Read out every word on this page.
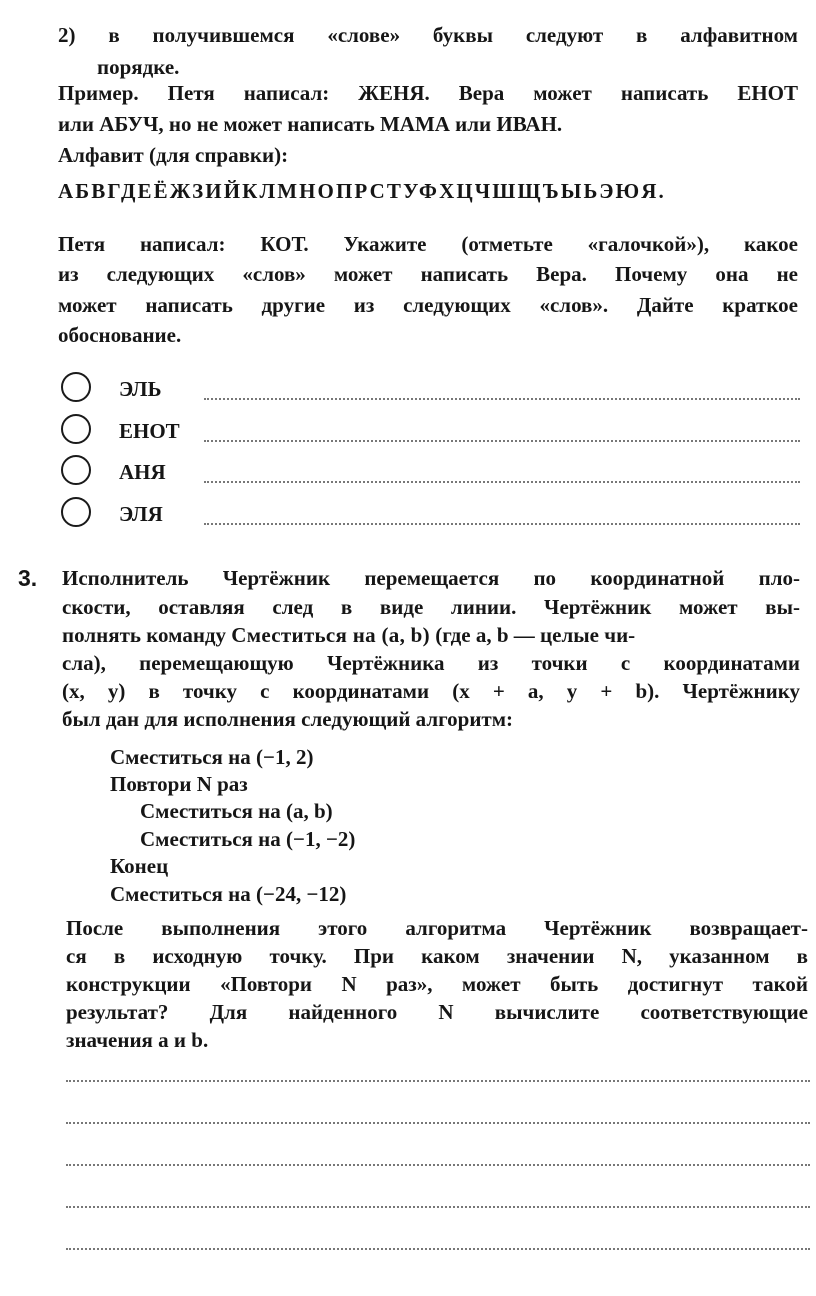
2) в получившемся «слове» буквы следуют в алфавитном
порядке.
Пример. Петя написал: ЖЕНЯ. Вера может написать ЕНОТ
или АБУЧ, но не может написать МАМА или ИВАН.
Алфавит (для справки):
АБВГДЕЁЖЗИЙКЛМНОПРСТУФХЦЧШЩЪЫЬЭЮЯ.
Петя написал: КОТ. Укажите (отметьте «галочкой»), какое
из следующих «слов» может написать Вера. Почему она не
может написать другие из следующих «слов». Дайте краткое
обоснование.
ЭЛЬ
ЕНОТ
АНЯ
ЭЛЯ
3. Исполнитель Чертёжник перемещается по координатной пло-
скости, оставляя след в виде линии. Чертёжник может вы-
полнять команду Сместиться на (a, b) (где a, b — целые чи-
сла), перемещающую Чертёжника из точки с координатами
(x, y) в точку с координатами (x + a, y + b). Чертёжнику
был дан для исполнения следующий алгоритм:
Сместиться на (−1, 2)
Повтори N раз
Сместиться на (a, b)
Сместиться на (−1, −2)
Конец
Сместиться на (−24, −12)
После выполнения этого алгоритма Чертёжник возвращает-
ся в исходную точку. При каком значении N, указанном в
конструкции «Повтори N раз», может быть достигнут такой
результат? Для найденного N вычислите соответствующие
значения a и b.
